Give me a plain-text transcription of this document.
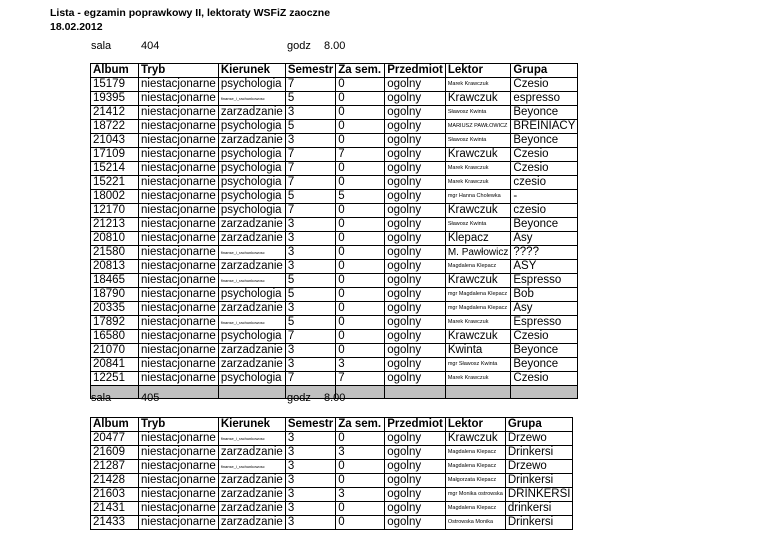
Lista - egzamin poprawkowy II, lektoraty WSFiZ zaoczne
18.02.2012
sala	404	godz 8.00
Album	Tryb	Kierunek	Semestr	Za sem.	Przedmiot	Lektor	Grupa
15179	niestacjonarne	psychologia	7	0	ogolny	Marek Krawczuk	Czesio
19395	niestacjonarne	finanse_i_rachunkowosc	5	0	ogolny	Krawczuk	espresso
21412	niestacjonarne	zarzadzanie	3	0	ogolny	Sławosz Kwinta	Beyonce
18722	niestacjonarne	psychologia	5	0	ogolny	MARIUSZ PAWŁOWICZ	BREINIACY
21043	niestacjonarne	zarzadzanie	3	0	ogolny	Sławosz Kwinta	Beyonce
17109	niestacjonarne	psychologia	7	7	ogolny	Krawczuk	Czesio
15214	niestacjonarne	psychologia	7	0	ogolny	Marek Krawczuk	Czesio
15221	niestacjonarne	psychologia	7	0	ogolny	Marek Krawczuk	czesio
18002	niestacjonarne	psychologia	5	5	ogolny	mgr Hanna Cholewka	-
12170	niestacjonarne	psychologia	7	0	ogolny	Krawczuk	czesio
21213	niestacjonarne	zarzadzanie	3	0	ogolny	Sławosz Kwinta	Beyonce
20810	niestacjonarne	zarzadzanie	3	0	ogolny	Klepacz	Asy
21580	niestacjonarne	finanse_i_rachunkowosc	3	0	ogolny	M. Pawłowicz	????
20813	niestacjonarne	zarzadzanie	3	0	ogolny	Magdalena Klepacz	ASY
18465	niestacjonarne	finanse_i_rachunkowosc	5	0	ogolny	Krawczuk	Espresso
18790	niestacjonarne	psychologia	5	0	ogolny	mgr Magdalena Klepacz	Bob
20335	niestacjonarne	zarzadzanie	3	0	ogolny	mgr Magdalena Klepacz	Asy
17892	niestacjonarne	finanse_i_rachunkowosc	5	0	ogolny	Marek Krawczuk	Espresso
16580	niestacjonarne	psychologia	7	0	ogolny	Krawczuk	Czesio
21070	niestacjonarne	zarzadzanie	3	0	ogolny	Kwinta	Beyonce
20841	niestacjonarne	zarzadzanie	3	3	ogolny	mgr Sławosz Kwinta	Beyonce
12251	niestacjonarne	psychologia	7	7	ogolny	Marek Krawczuk	Czesio

sala	405	godz 8.00
Album	Tryb	Kierunek	Semestr	Za sem.	Przedmiot	Lektor	Grupa
20477	niestacjonarne	finanse_i_rachunkowosc	3	0	ogolny	Krawczuk	Drzewo
21609	niestacjonarne	zarzadzanie	3	3	ogolny	Magdalena Klepacz	Drinkersi
21287	niestacjonarne	finanse_i_rachunkowosc	3	0	ogolny	Magdalena Klepacz	Drzewo
21428	niestacjonarne	zarzadzanie	3	0	ogolny	Małgorzata Klepacz	Drinkersi
21603	niestacjonarne	zarzadzanie	3	3	ogolny	mgr Monika ostrowska	DRINKERSI
21431	niestacjonarne	zarzadzanie	3	0	ogolny	Magdalena Klepacz	drinkersi
21433	niestacjonarne	zarzadzanie	3	0	ogolny	Ostrowska Monika	Drinkersi
